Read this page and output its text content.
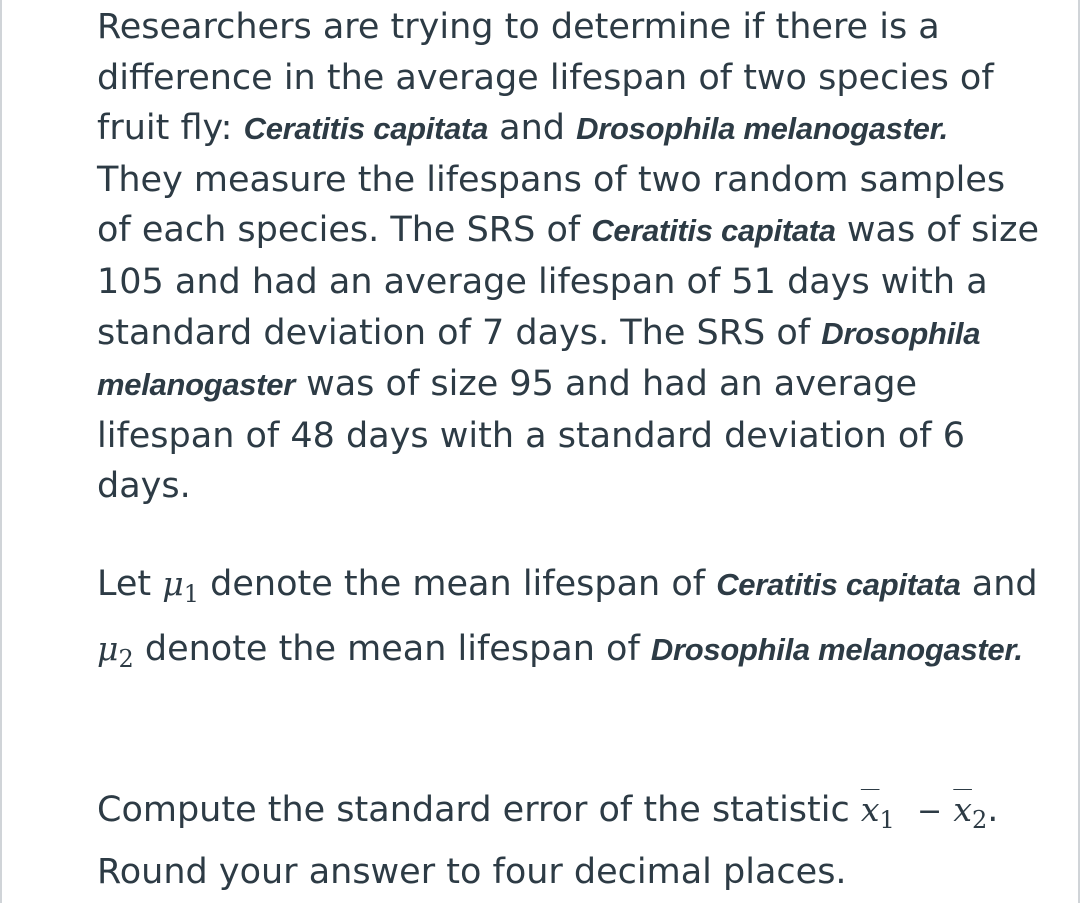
Researchers are trying to determine if there is a difference in the average lifespan of two species of fruit fly: Ceratitis capitata and Drosophila melanogaster. They measure the lifespans of two random samples of each species. The SRS of Ceratitis capitata was of size 105 and had an average lifespan of 51 days with a standard deviation of 7 days. The SRS of Drosophila melanogaster was of size 95 and had an average lifespan of 48 days with a standard deviation of 6 days.

Let $\mu_1$ denote the mean lifespan of Ceratitis capitata and $\mu_2$ denote the mean lifespan of Drosophila melanogaster.

Compute the standard error of the statistic $\overline{x}_1 - \overline{x}_2$. Round your answer to four decimal places.
